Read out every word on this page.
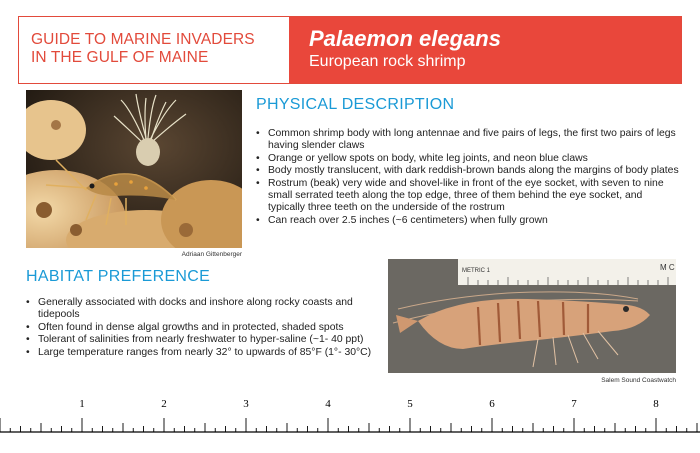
GUIDE TO MARINE INVADERS
IN THE GULF OF MAINE
Palaemon elegans
European rock shrimp
Adriaan Gittenberger
PHYSICAL DESCRIPTION
• Common shrimp body with long antennae and five pairs of legs, the first two pairs of legs having slender claws
• Orange or yellow spots on body, white leg joints, and neon blue claws
• Body mostly translucent, with dark reddish-brown bands along the margins of body plates
• Rostrum (beak) very wide and shovel-like in front of the eye socket, with seven to nine small serrated teeth along the top edge, three of them behind the eye socket, and typically three teeth on the underside of the rostrum
• Can reach over 2.5 inches (~6 centimeters) when fully grown
HABITAT PREFERENCE
• Generally associated with docks and inshore along rocky coasts and tidepools
• Often found in dense algal growths and in protected, shaded spots
• Tolerant of salinities from nearly freshwater to hyper-saline (~1- 40 ppt)
• Large temperature ranges from nearly 32° to upwards of 85°F (1°- 30°C)
METRIC 1	M C
Salem Sound Coastwatch
1	2	3	4	5	6	7	8
